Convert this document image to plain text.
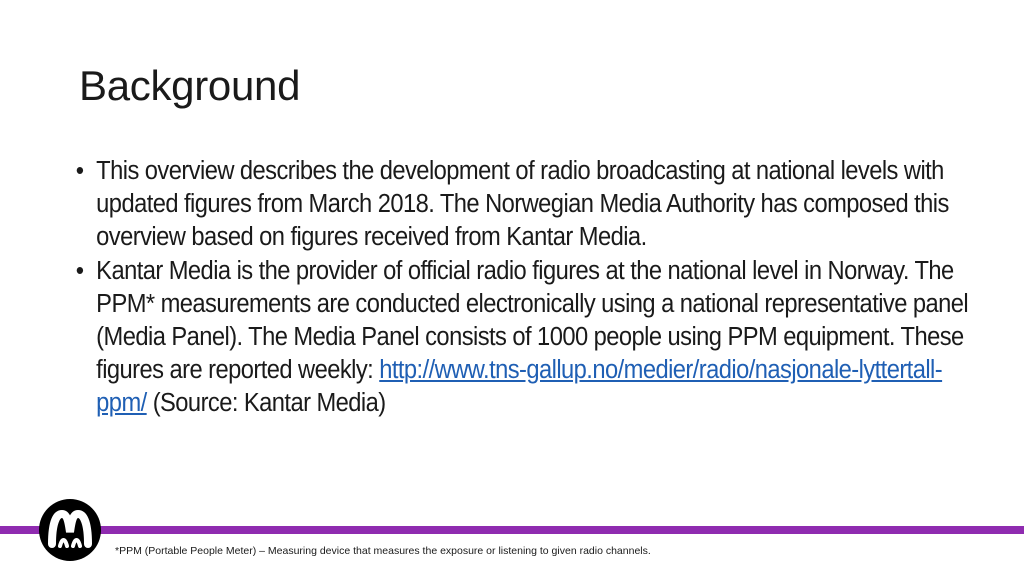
Background
• This overview describes the development of radio broadcasting at national levels with updated figures from March 2018. The Norwegian Media Authority has composed this overview based on figures received from Kantar Media.
• Kantar Media is the provider of official radio figures at the national level in Norway. The PPM* measurements are conducted electronically using a national representative panel (Media Panel). The Media Panel consists of 1000 people using PPM equipment. These figures are reported weekly: http://www.tns-gallup.no/medier/radio/nasjonale-lyttertall-ppm/ (Source: Kantar Media)
*PPM (Portable People Meter) – Measuring device that measures the exposure or listening to given radio channels.
